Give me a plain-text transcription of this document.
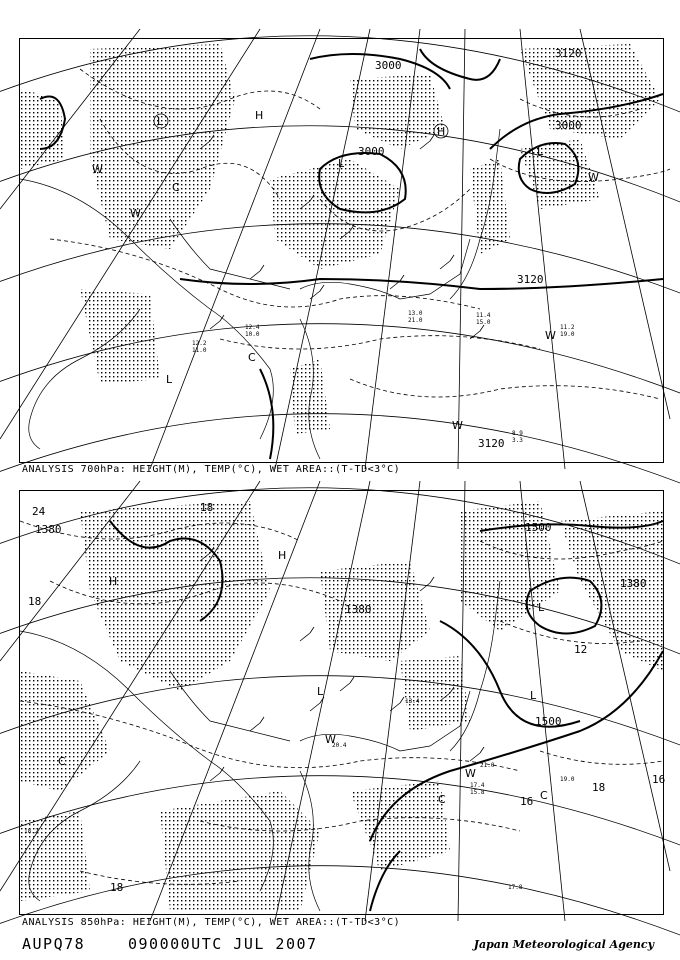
3000
3000
3000
3120
3120
3120
H
L
L
W
C
W
L
C
W
H
W
W
L
11.4
15.0
12.4
10.0
11.2
19.0
8.9
3.3
13.0
21.0
12.2
11.0
ANALYSIS 700hPa: HEIGHT(M), TEMP(°C), WET AREA::(T-TD<3°C)
1500
1500
1380
1380
1380
H
L
L
C
C	C
W
W
L
H
24
18
18
18
12
16
18
16
21.0
17.4
15.8
19.0
20.4
13.4
18.2
17.8
ANALYSIS 850hPa: HEIGHT(M), TEMP(°C), WET AREA::(T-TD<3°C)
AUPQ78	090000UTC JUL 2007	Japan Meteorological Agency
